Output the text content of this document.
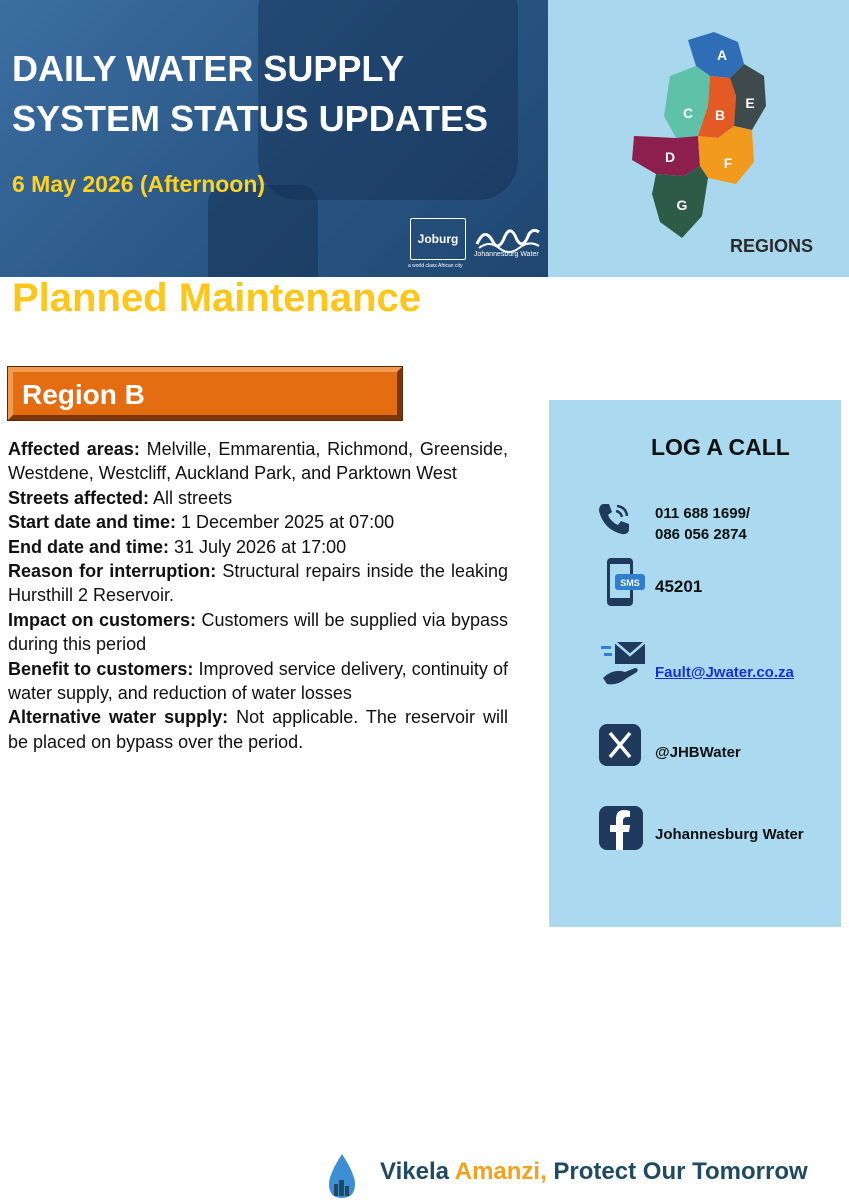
DAILY WATER SUPPLY
SYSTEM STATUS UPDATES
6 May 2026 (Afternoon)
Joburg
a world class African city
Johannesburg Water
A
B
C
D
E
F
G
REGIONS
Planned Maintenance
Region B
Affected areas: Melville, Emmarentia, Richmond, Greenside, Westdene, Westcliff, Auckland Park, and Parktown West
Streets affected: All streets
Start date and time: 1 December 2025 at 07:00
End date and time: 31 July 2026 at 17:00
Reason for interruption: Structural repairs inside the leaking Hursthill 2 Reservoir.
Impact on customers: Customers will be supplied via bypass during this period
Benefit to customers: Improved service delivery, continuity of water supply, and reduction of water losses
Alternative water supply: Not applicable. The reservoir will be placed on bypass over the period.
LOG A CALL
011 688 1699/
086 056 2874
SMS 45201
Fault@Jwater.co.za
@JHBWater
Johannesburg Water
Vikela Amanzi, Protect Our Tomorrow
